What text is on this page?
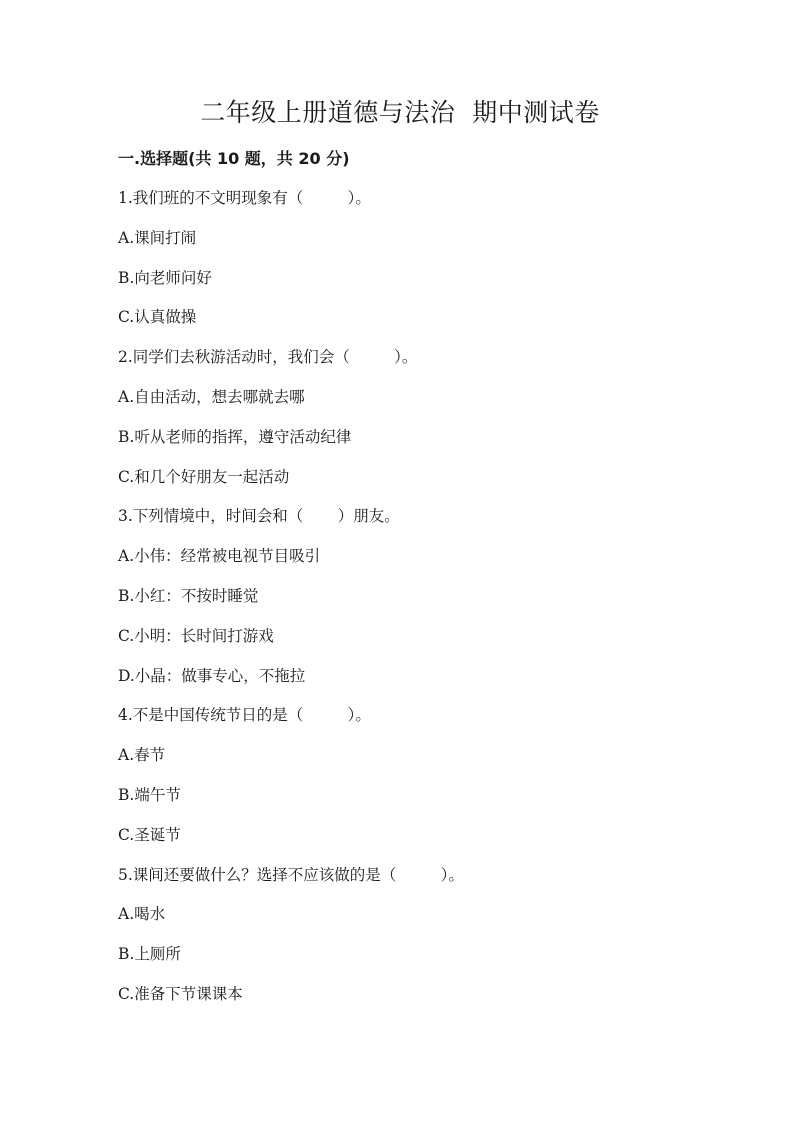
二年级上册道德与法治  期中测试卷
一.选择题(共 10 题，共 20 分)
1.我们班的不文明现象有（         ）。
A.课间打闹
B.向老师问好
C.认真做操
2.同学们去秋游活动时，我们会（         ）。
A.自由活动，想去哪就去哪
B.听从老师的指挥，遵守活动纪律
C.和几个好朋友一起活动
3.下列情境中，时间会和（       ）朋友。
A.小伟：经常被电视节目吸引
B.小红：不按时睡觉
C.小明：长时间打游戏
D.小晶：做事专心，不拖拉
4.不是中国传统节日的是（         ）。
A.春节
B.端午节
C.圣诞节
5.课间还要做什么？选择不应该做的是（         ）。
A.喝水
B.上厕所
C.准备下节课课本
